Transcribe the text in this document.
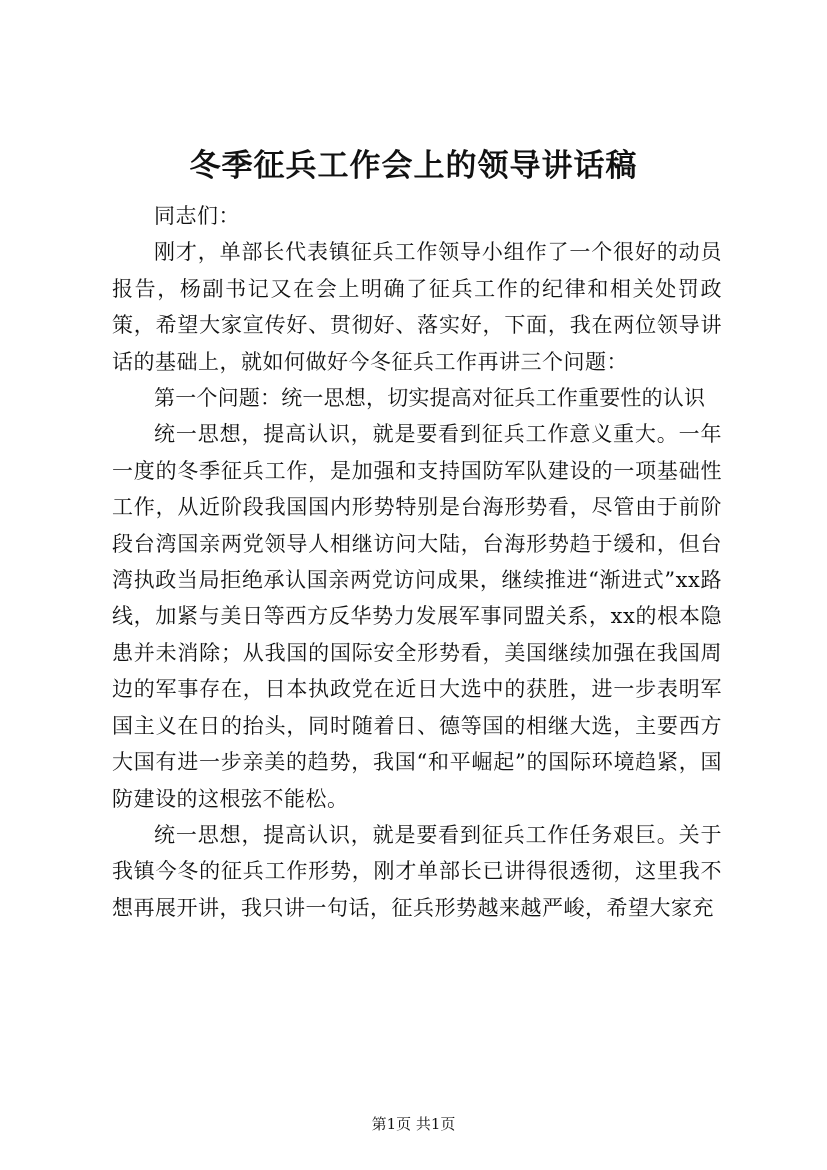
冬季征兵工作会上的领导讲话稿

同志们：

刚才，单部长代表镇征兵工作领导小组作了一个很好的动员报告，杨副书记又在会上明确了征兵工作的纪律和相关处罚政策，希望大家宣传好、贯彻好、落实好，下面，我在两位领导讲话的基础上，就如何做好今冬征兵工作再讲三个问题：

第一个问题：统一思想，切实提高对征兵工作重要性的认识

统一思想，提高认识，就是要看到征兵工作意义重大。一年一度的冬季征兵工作，是加强和支持国防军队建设的一项基础性工作，从近阶段我国国内形势特别是台海形势看，尽管由于前阶段台湾国亲两党领导人相继访问大陆，台海形势趋于缓和，但台湾执政当局拒绝承认国亲两党访问成果，继续推进“渐进式”xx路线，加紧与美日等西方反华势力发展军事同盟关系，xx的根本隐患并未消除；从我国的国际安全形势看，美国继续加强在我国周边的军事存在，日本执政党在近日大选中的获胜，进一步表明军国主义在日的抬头，同时随着日、德等国的相继大选，主要西方大国有进一步亲美的趋势，我国“和平崛起”的国际环境趋紧，国防建设的这根弦不能松。

统一思想，提高认识，就是要看到征兵工作任务艰巨。关于我镇今冬的征兵工作形势，刚才单部长已讲得很透彻，这里我不想再展开讲，我只讲一句话，征兵形势越来越严峻，希望大家充

第1页 共1页
